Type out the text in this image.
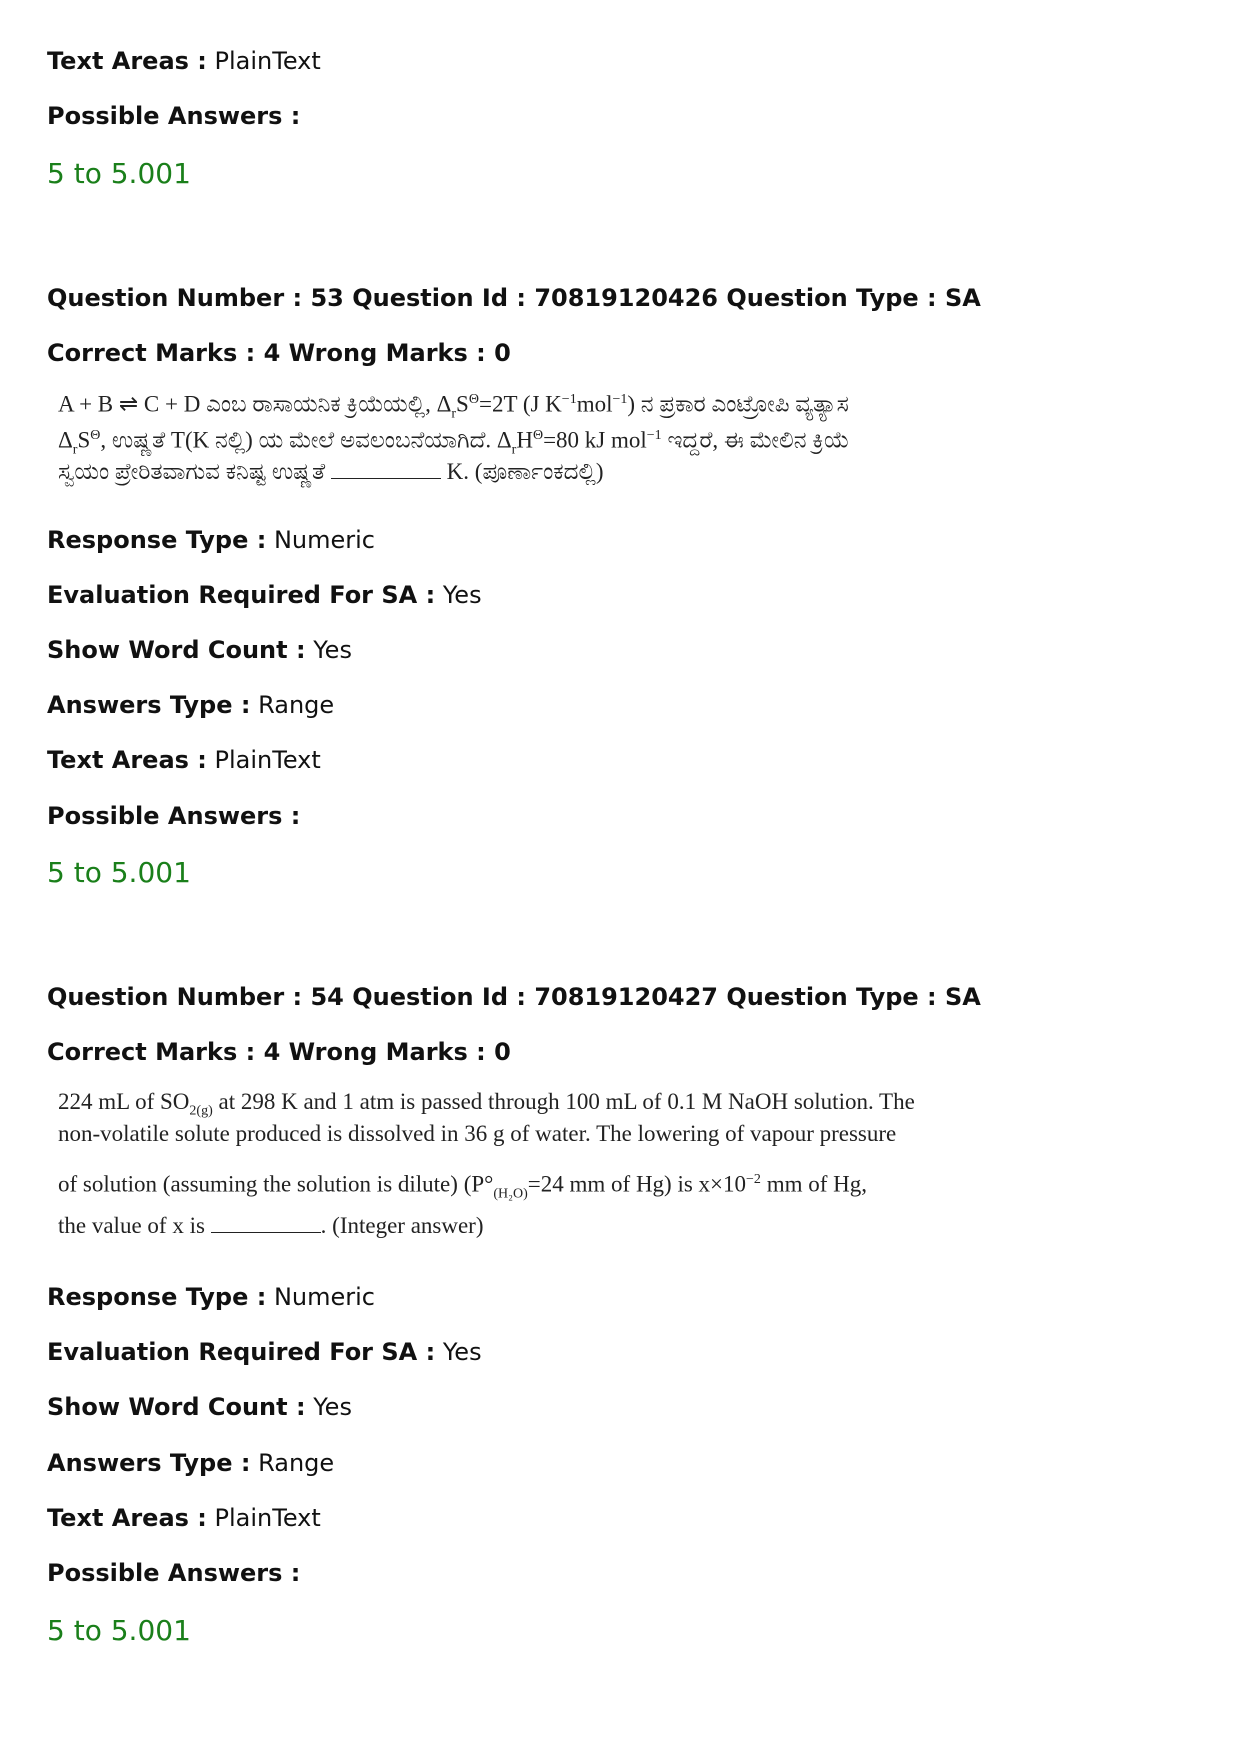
Text Areas : PlainText
Possible Answers :
5 to 5.001
Question Number : 53 Question Id : 70819120426 Question Type : SA
Correct Marks : 4 Wrong Marks : 0
A + B ⇌ C + D ಎಂಬ ರಾಸಾಯನಿಕ ಕ್ರಿಯೆಯಲ್ಲಿ, $\Delta_rS^\Theta=2T$ (J $K^{-1}mol^{-1}$) ನ ಪ್ರಕಾರ ಎಂಟ್ರೋಪಿ ವ್ಯತ್ಯಾಸ
$\Delta_rS^\Theta$, ಉಷ್ಣತೆ T(K ನಲ್ಲಿ) ಯ ಮೇಲೆ ಅವಲಂಬನೆಯಾಗಿದೆ. $\Delta_rH^\Theta=80$ kJ mol$^{-1}$ ಇದ್ದರೆ, ಈ ಮೇಲಿನ ಕ್ರಿಯೆ
ಸ್ವಯಂ ಪ್ರೇರಿತವಾಗುವ ಕನಿಷ್ಟ ಉಷ್ಣತೆ	K. (ಪೂರ್ಣಾಂಕದಲ್ಲಿ)
Response Type : Numeric
Evaluation Required For SA : Yes
Show Word Count : Yes
Answers Type : Range
Text Areas : PlainText
Possible Answers :
5 to 5.001
Question Number : 54 Question Id : 70819120427 Question Type : SA
Correct Marks : 4 Wrong Marks : 0
224 mL of $SO_{2(g)}$ at 298 K and 1 atm is passed through 100 mL of 0.1 M NaOH solution. The
non-volatile solute produced is dissolved in 36 g of water. The lowering of vapour pressure
of solution (assuming the solution is dilute) ($P^\circ_{(H_2O)}=24$ mm of Hg) is $x\times 10^{-2}$ mm of Hg,
the value of x is	. (Integer answer)
Response Type : Numeric
Evaluation Required For SA : Yes
Show Word Count : Yes
Answers Type : Range
Text Areas : PlainText
Possible Answers :
5 to 5.001
